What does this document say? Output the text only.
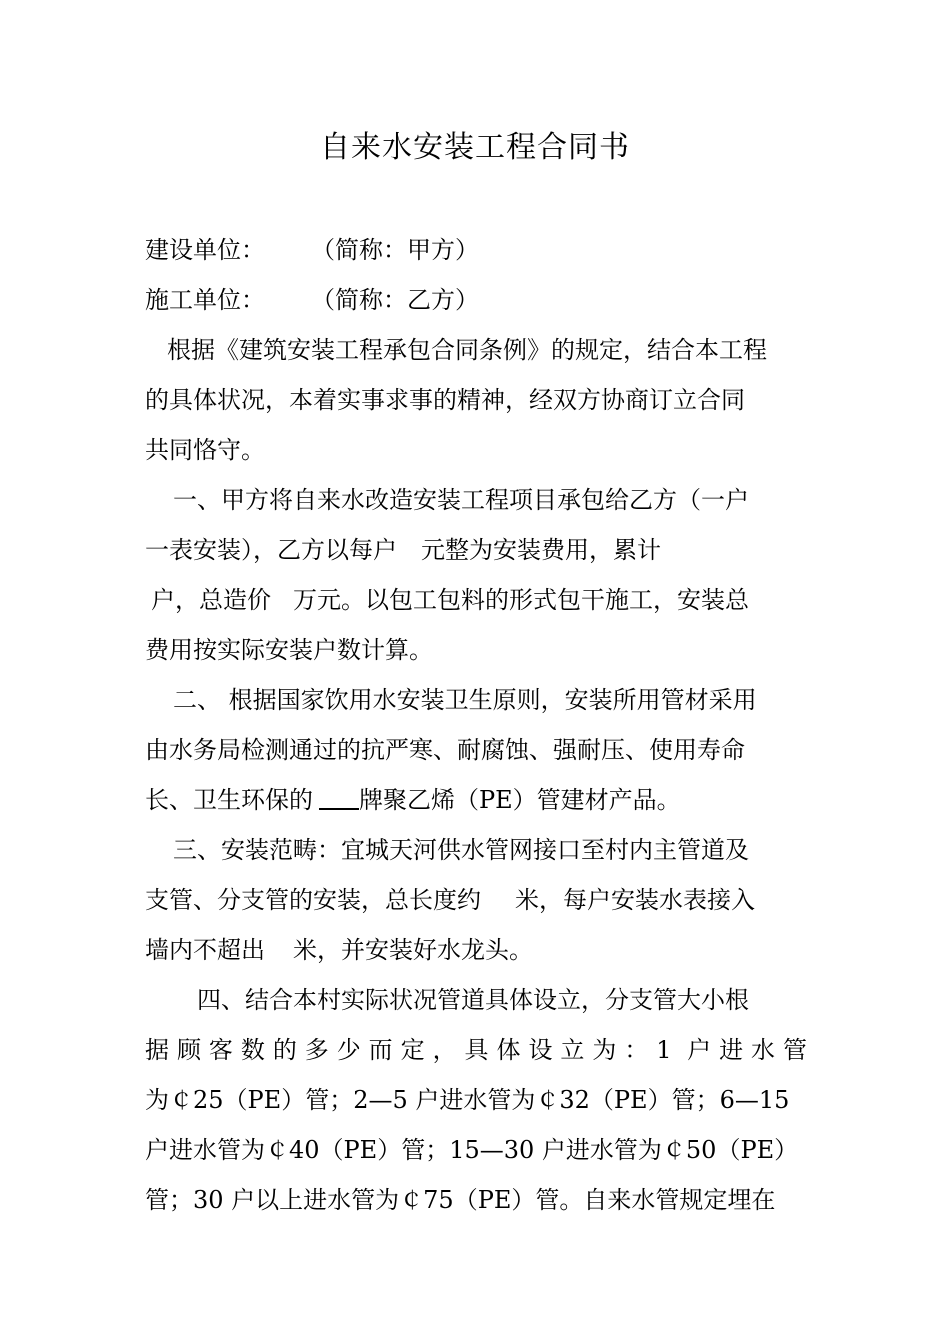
自来水安装工程合同书
建设单位： （简称：甲方）
施工单位： （简称：乙方）
根据《建筑安装工程承包合同条例》的规定，结合本工程
的具体状况，本着实事求事的精神，经双方协商订立合同
共同恪守。
一、甲方将自来水改造安装工程项目承包给乙方（一户
一表安装），乙方以每户 元整为安装费用，累计
户，总造价 万元。以包工包料的形式包干施工，安装总
费用按实际安装户数计算。
二、 根据国家饮用水安装卫生原则，安装所用管材采用
由水务局检测通过的抗严寒、耐腐蚀、强耐压、使用寿命
长、卫生环保的 牌聚乙烯（PE）管建材产品。
三、安装范畴：宜城天河供水管网接口至村内主管道及
支管、分支管的安装，总长度约 米，每户安装水表接入
墙内不超出 米，并安装好水龙头。
四、结合本村实际状况管道具体设立，分支管大小根
据顾客数的多少而定，具体设立为：1 户进水管
为￠25（PE）管；2—5 户进水管为￠32（PE）管；6—15
户进水管为￠40（PE）管；15—30 户进水管为￠50（PE）
管；30 户以上进水管为￠75（PE）管。自来水管规定埋在
